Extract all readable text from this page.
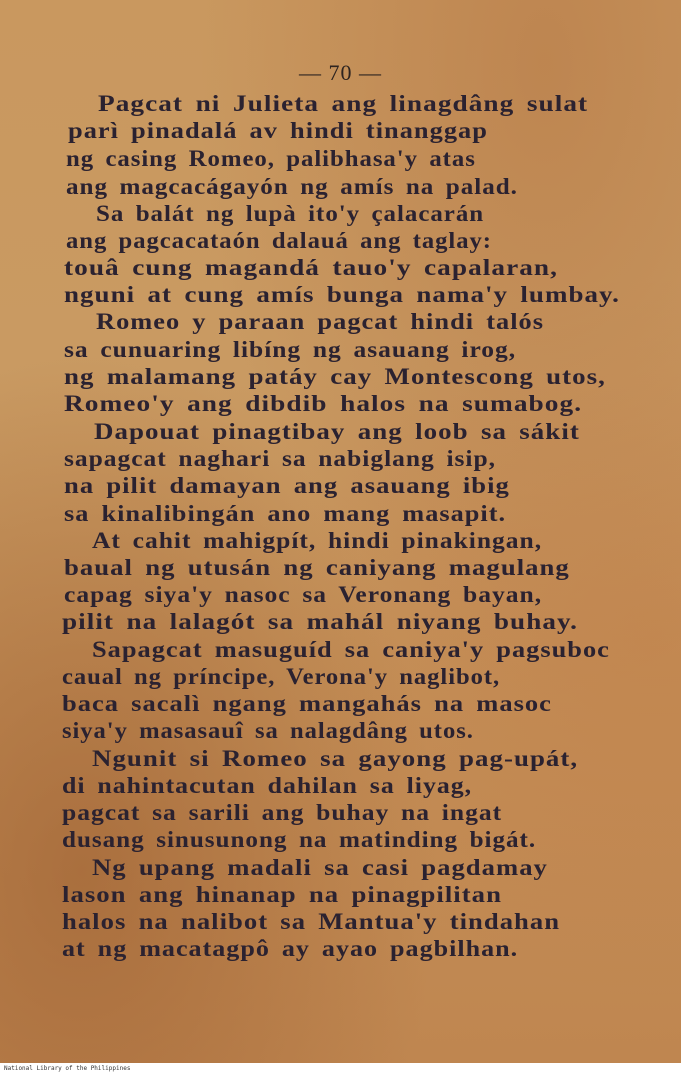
— 70 —
Pagcat ni Julieta ang linagdâng sulat
parì pinadalá av hindi tinanggap
ng casing Romeo, palibhasa'y atas
ang magcacágayón ng amís na palad.
Sa balát ng lupà ito'y çalacarán
ang pagcacataón dalauá ang taglay:
touâ cung magandá tauo'y capalaran,
nguni at cung amís bunga nama'y lumbay.
Romeo y paraan pagcat hindi talós
sa cunuaring libíng ng asauang irog,
ng malamang patáy cay Montescong utos,
Romeo'y ang dibdib halos na sumabog.
Dapouat pinagtibay ang loob sa sákit
sapagcat naghari sa nabiglang isip,
na pilit damayan ang asauang ibig
sa kinalibingán ano mang masapit.
At cahit mahigpít, hindi pinakingan,
baual ng utusán ng caniyang magulang
capag siya'y nasoc sa Veronang bayan,
pilit na lalagót sa mahál niyang buhay.
Sapagcat masuguíd sa caniya'y pagsuboc
caual ng príncipe, Verona'y naglibot,
baca sacalì ngang mangahás na masoc
siya'y masasauî sa nalagdâng utos.
Ngunit si Romeo sa gayong pag-upát,
di nahintacutan dahilan sa liyag,
pagcat sa sarili ang buhay na ingat
dusang sinusunong na matinding bigát.
Ng upang madali sa casi pagdamay
lason ang hinanap na pinagpilitan
halos na nalibot sa Mantua'y tindahan
at ng macatagpô ay ayao pagbilhan.
National Library of the Philippines
